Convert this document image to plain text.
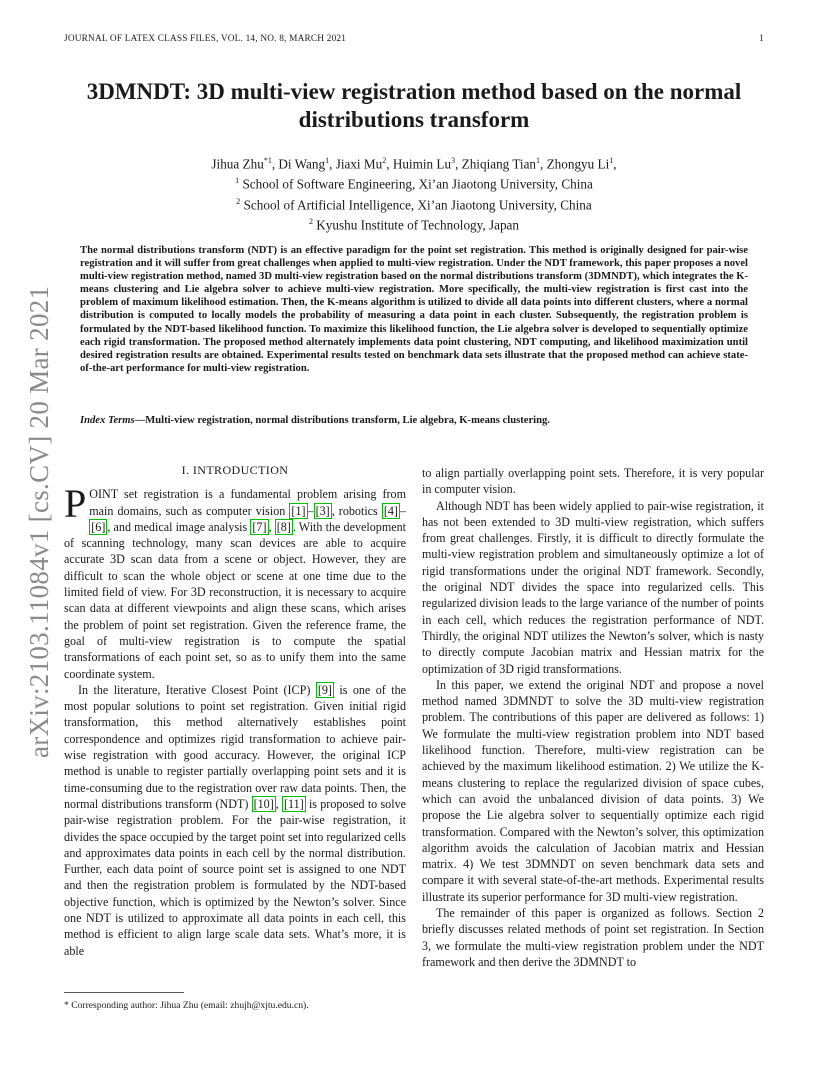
JOURNAL OF LATEX CLASS FILES, VOL. 14, NO. 8, MARCH 2021	1
arXiv:2103.11084v1 [cs.CV] 20 Mar 2021
3DMNDT: 3D multi-view registration method based on the normal distributions transform
Jihua Zhu$^{*1}$, Di Wang$^1$, Jiaxi Mu$^2$, Huimin Lu$^3$, Zhiqiang Tian$^1$, Zhongyu Li$^1$,
$^1$ School of Software Engineering, Xi’an Jiaotong University, China
$^2$ School of Artificial Intelligence, Xi’an Jiaotong University, China
$^2$ Kyushu Institute of Technology, Japan
The normal distributions transform (NDT) is an effective paradigm for the point set registration. This method is originally designed for pair-wise registration and it will suffer from great challenges when applied to multi-view registration. Under the NDT framework, this paper proposes a novel multi-view registration method, named 3D multi-view registration based on the normal distributions transform (3DMNDT), which integrates the K-means clustering and Lie algebra solver to achieve multi-view registration. More specifically, the multi-view registration is first cast into the problem of maximum likelihood estimation. Then, the K-means algorithm is utilized to divide all data points into different clusters, where a normal distribution is computed to locally models the probability of measuring a data point in each cluster. Subsequently, the registration problem is formulated by the NDT-based likelihood function. To maximize this likelihood function, the Lie algebra solver is developed to sequentially optimize each rigid transformation. The proposed method alternately implements data point clustering, NDT computing, and likelihood maximization until desired registration results are obtained. Experimental results tested on benchmark data sets illustrate that the proposed method can achieve state-of-the-art performance for multi-view registration.
Index Terms—Multi-view registration, normal distributions transform, Lie algebra, K-means clustering.
I. INTRODUCTION

POINT set registration is a fundamental problem arising from main domains, such as computer vision [1] – [3] , robotics [4] –[6] , and medical image analysis [7] , [8] . With the development of scanning technology, many scan devices are able to acquire accurate 3D scan data from a scene or object. However, they are difficult to scan the whole object or scene at one time due to the limited field of view. For 3D reconstruction, it is necessary to acquire scan data at different viewpoints and align these scans, which arises the problem of point set registration. Given the reference frame, the goal of multi-view registration is to compute the spatial transformations of each point set, so as to unify them into the same coordinate system.

In the literature, Iterative Closest Point (ICP) [9] is one of the most popular solutions to point set registration. Given initial rigid transformation, this method alternatively establishes point correspondence and optimizes rigid transformation to achieve pair-wise registration with good accuracy. However, the original ICP method is unable to register partially overlapping point sets and it is time-consuming due to the registration over raw data points. Then, the normal distributions transform (NDT) [10] , [11] is proposed to solve pair-wise registration problem. For the pair-wise registration, it divides the space occupied by the target point set into regularized cells and approximates data points in each cell by the normal distribution. Further, each data point of source point set is assigned to one NDT and then the registration problem is formulated by the NDT-based objective function, which is optimized by the Newton’s solver. Since one NDT is utilized to approximate all data points in each cell, this method is efficient to align large scale data sets. What’s more, it is able

to align partially overlapping point sets. Therefore, it is very popular in computer vision.

Although NDT has been widely applied to pair-wise registration, it has not been extended to 3D multi-view registration, which suffers from great challenges. Firstly, it is difficult to directly formulate the multi-view registration problem and simultaneously optimize a lot of rigid transformations under the original NDT framework. Secondly, the original NDT divides the space into regularized cells. This regularized division leads to the large variance of the number of points in each cell, which reduces the registration performance of NDT. Thirdly, the original NDT utilizes the Newton’s solver, which is nasty to directly compute Jacobian matrix and Hessian matrix for the optimization of 3D rigid transformations.

In this paper, we extend the original NDT and propose a novel method named 3DMNDT to solve the 3D multi-view registration problem. The contributions of this paper are delivered as follows: 1) We formulate the multi-view registration problem into NDT based likelihood function. Therefore, multi-view registration can be achieved by the maximum likelihood estimation. 2) We utilize the K-means clustering to replace the regularized division of space cubes, which can avoid the unbalanced division of data points. 3) We propose the Lie algebra solver to sequentially optimize each rigid transformation. Compared with the Newton’s solver, this optimization algorithm avoids the calculation of Jacobian matrix and Hessian matrix. 4) We test 3DMNDT on seven benchmark data sets and compare it with several state-of-the-art methods. Experimental results illustrate its superior performance for 3D multi-view registration.

The remainder of this paper is organized as follows. Section 2 briefly discusses related methods of point set registration. In Section 3, we formulate the multi-view registration problem under the NDT framework and then derive the 3DMNDT to

* Corresponding author: Jihua Zhu (email: zhujh@xjtu.edu.cn).
